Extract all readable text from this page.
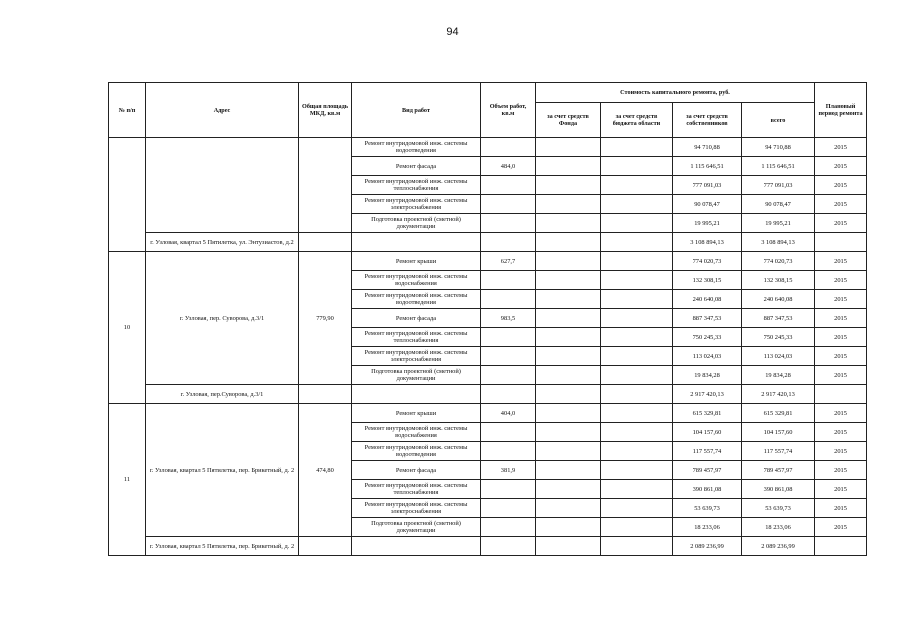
94
№ п/п	Адрес	Общая площадь МКД, кв.м	Вид работ	Объем работ, кв.м	Стоимость капитального ремонта, руб.				Плановый период ремонта
					за счет средств Фонда	за счет средств бюджета области	за счет средств собственников	всего	
			Ремонт внутридомовой инж. системы водоотведения				94 710,88	94 710,88	2015
			Ремонт фасада	484,0			1 115 646,51	1 115 646,51	2015
			Ремонт внутридомовой инж. системы теплоснабжения				777 091,03	777 091,03	2015
			Ремонт внутридомовой инж. системы электроснабжения				90 078,47	90 078,47	2015
			Подготовка проектной (сметной) документации				19 995,21	19 995,21	2015
	г. Узловая, квартал 5 Пятилетка, ул. Энтузиастов, д.2						3 108 894,13	3 108 894,13	
10	г. Узловая, пер. Суворова, д.3/1	779,90	Ремонт крыши	627,7			774 020,73	774 020,73	2015
			Ремонт внутридомовой инж. системы водоснабжения				132 308,15	132 308,15	2015
			Ремонт внутридомовой инж. системы водоотведения				240 640,08	240 640,08	2015
			Ремонт фасада	983,5			887 347,53	887 347,53	2015
			Ремонт внутридомовой инж. системы теплоснабжения				750 245,33	750 245,33	2015
			Ремонт внутридомовой инж. системы электроснабжения				113 024,03	113 024,03	2015
			Подготовка проектной (сметной) документации				19 834,28	19 834,28	2015
	г. Узловая, пер.Суворова, д.3/1						2 917 420,13	2 917 420,13	
11	г. Узловая, квартал 5 Пятилетка, пер. Брикетный, д. 2	474,80	Ремонт крыши	404,0			615 329,81	615 329,81	2015
			Ремонт внутридомовой инж. системы водоснабжения				104 157,60	104 157,60	2015
			Ремонт внутридомовой инж. системы водоотведения				117 557,74	117 557,74	2015
			Ремонт фасада	381,9			789 457,97	789 457,97	2015
			Ремонт внутридомовой инж. системы теплоснабжения				390 861,08	390 861,08	2015
			Ремонт внутридомовой инж. системы электроснабжения				53 639,73	53 639,73	2015
			Подготовка проектной (сметной) документации				18 233,06	18 233,06	2015
	г. Узловая, квартал 5 Пятилетка, пер. Брикетный, д. 2						2 089 236,99	2 089 236,99	
